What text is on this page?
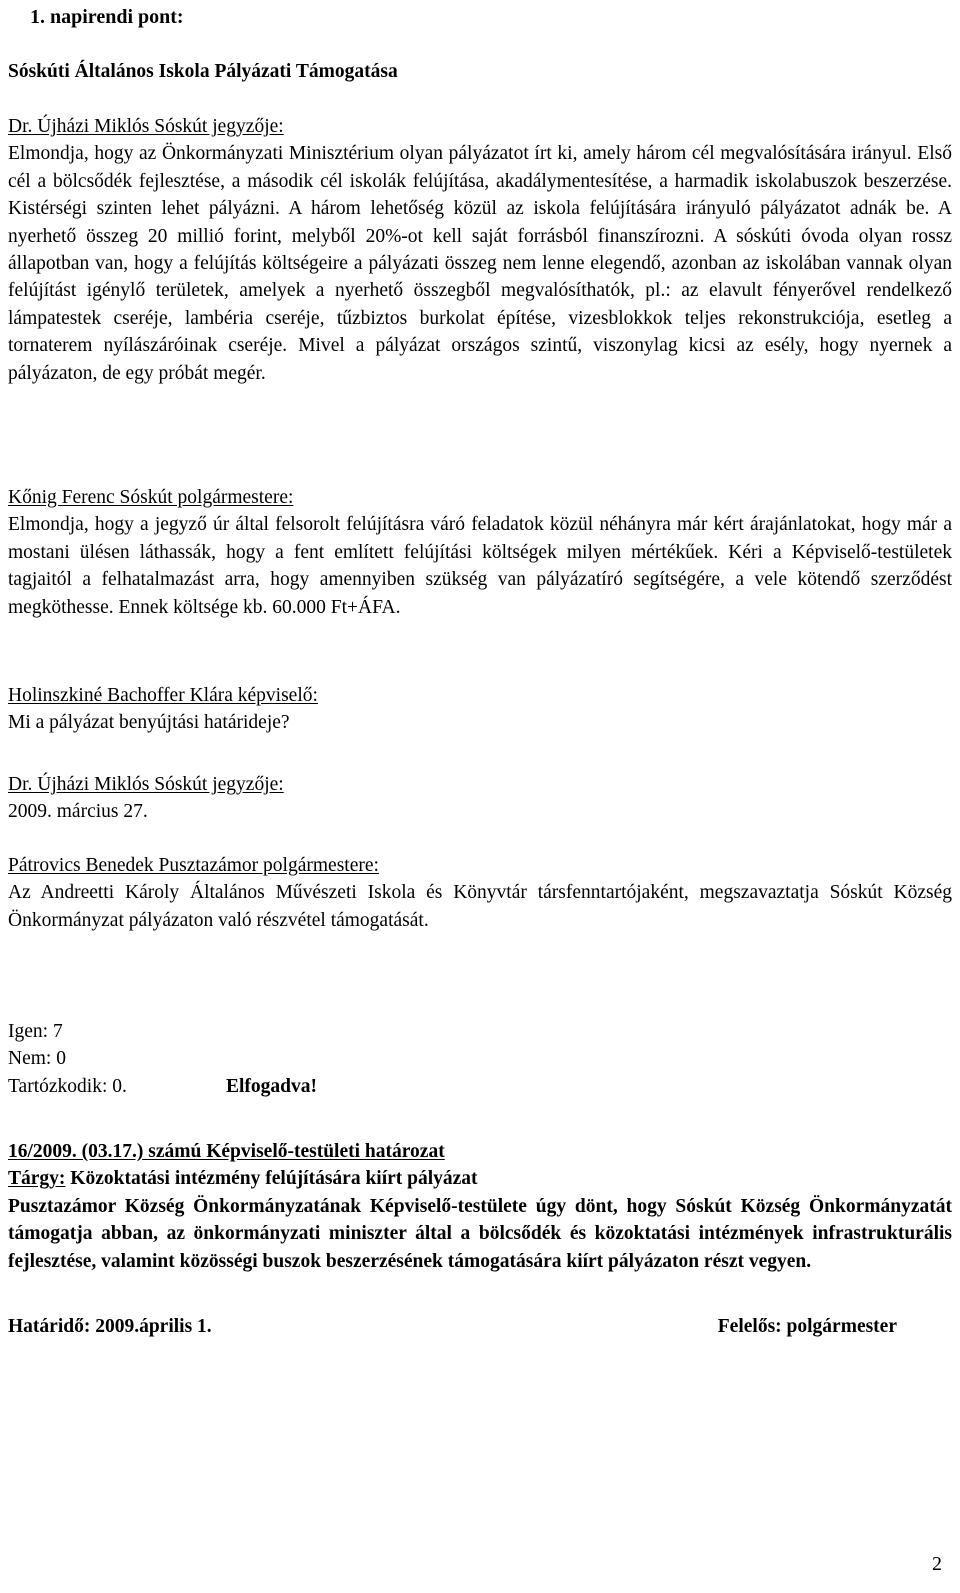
1. napirendi pont:
Sóskúti Általános Iskola Pályázati Támogatása

Dr. Újházi Miklós Sóskút jegyzője:

Elmondja, hogy az Önkormányzati Minisztérium olyan pályázatot írt ki, amely három cél megvalósítására irányul. Első cél a bölcsődék fejlesztése, a második cél iskolák felújítása, akadálymentesítése, a harmadik iskolabuszok beszerzése. Kistérségi szinten lehet pályázni. A három lehetőség közül az iskola felújítására irányuló pályázatot adnák be. A nyerhető összeg 20 millió forint, melyből 20%-ot kell saját forrásból finanszírozni. A sóskúti óvoda olyan rossz állapotban van, hogy a felújítás költségeire a pályázati összeg nem lenne elegendő, azonban az iskolában vannak olyan felújítást igénylő területek, amelyek a nyerhető összegből megvalósíthatók, pl.: az elavult fényerővel rendelkező lámpatestek cseréje, lambéria cseréje, tűzbiztos burkolat építése, vizesblokkok teljes rekonstrukciója, esetleg a tornaterem nyílászáróinak cseréje. Mivel a pályázat országos szintű, viszonylag kicsi az esély, hogy nyernek a pályázaton, de egy próbát megér.

Kőnig Ferenc Sóskút polgármestere:

Elmondja, hogy a jegyző úr által felsorolt felújításra váró feladatok közül néhányra már kért árajánlatokat, hogy már a mostani ülésen láthassák, hogy a fent említett felújítási költségek milyen mértékűek. Kéri a Képviselő-testületek tagjaitól a felhatalmazást arra, hogy amennyiben szükség van pályázatíró segítségére, a vele kötendő szerződést megköthesse. Ennek költsége kb. 60.000 Ft+ÁFA.

Holinszkiné Bachoffer Klára képviselő:

Mi a pályázat benyújtási határideje?

Dr. Újházi Miklós Sóskút jegyzője:

2009. március 27.

Pátrovics Benedek Pusztazámor polgármestere:

Az Andreetti Károly Általános Művészeti Iskola és Könyvtár társfenntartójaként, megszavaztatja Sóskút Község Önkormányzat pályázaton való részvétel támogatását.

Igen: 7

Nem: 0

Tartózkodik: 0.	Elfogadva!

16/2009. (03.17.) számú Képviselő-testületi határozat

Tárgy: Közoktatási intézmény felújítására kiírt pályázat

Pusztazámor Község Önkormányzatának Képviselő-testülete úgy dönt, hogy Sóskút Község Önkormányzatát támogatja abban, az önkormányzati miniszter által a bölcsődék és közoktatási intézmények infrastrukturális fejlesztése, valamint közösségi buszok beszerzésének támogatására kiírt pályázaton részt vegyen.

Határidő: 2009.április 1.	Felelős: polgármester
2
